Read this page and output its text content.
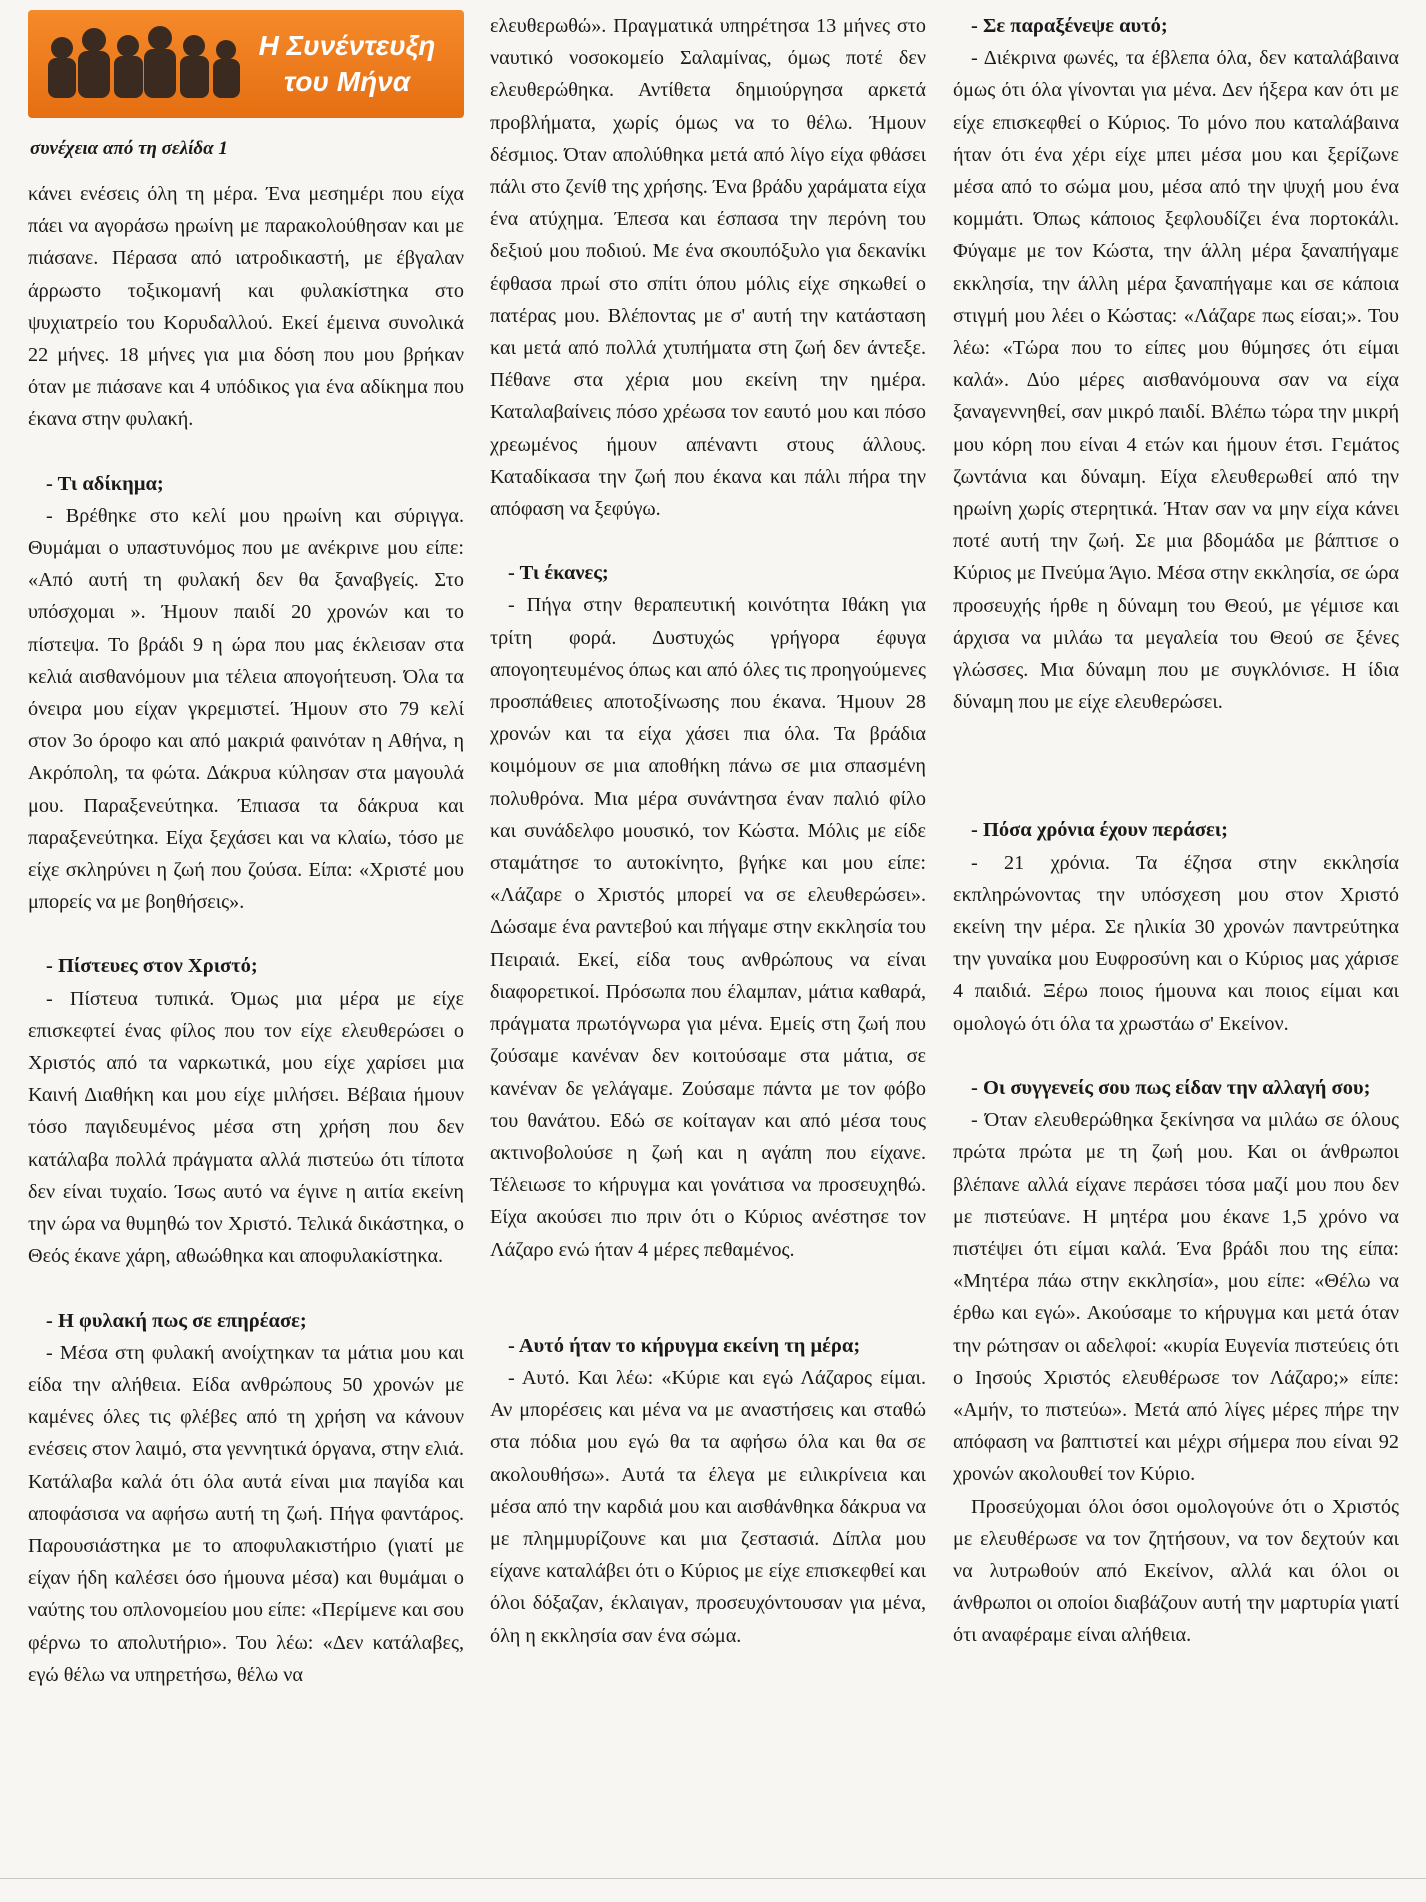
Η Συνέντευξη
του Μήνα
συνέχεια από τη σελίδα 1

κάνει ενέσεις όλη τη μέρα. Ένα μεσημέρι που είχα πάει να αγοράσω ηρωίνη με παρακολούθησαν και με πιάσανε. Πέρασα από ιατροδικαστή, με έβγαλαν άρρωστο τοξικομανή και φυλακίστηκα στο ψυχιατρείο του Κορυδαλλού. Εκεί έμεινα συνολικά 22 μήνες. 18 μήνες για μια δόση που μου βρήκαν όταν με πιάσανε και 4 υπόδικος για ένα αδίκημα που έκανα στην φυλακή.

- Τι αδίκημα;

- Βρέθηκε στο κελί μου ηρωίνη και σύριγγα. Θυμάμαι ο υπαστυνόμος που με ανέκρινε μου είπε: «Από αυτή τη φυλακή δεν θα ξαναβγείς. Στο υπόσχομαι ». Ήμουν παιδί 20 χρονών και το πίστεψα. Το βράδι 9 η ώρα που μας έκλεισαν στα κελιά αισθανόμουν μια τέλεια απογοήτευση. Όλα τα όνειρα μου είχαν γκρεμιστεί. Ήμουν στο 79 κελί στον 3ο όροφο και από μακριά φαινόταν η Αθήνα, η Ακρόπολη, τα φώτα. Δάκρυα κύλησαν στα μαγουλά μου. Παραξενεύτηκα. Έπιασα τα δάκρυα και παραξενεύτηκα. Είχα ξεχάσει και να κλαίω, τόσο με είχε σκληρύνει η ζωή που ζούσα. Είπα: «Χριστέ μου μπορείς να με βοηθήσεις».

- Πίστευες στον Χριστό;

- Πίστευα τυπικά. Όμως μια μέρα με είχε επισκεφτεί ένας φίλος που τον είχε ελευθερώσει ο Χριστός από τα ναρκωτικά, μου είχε χαρίσει μια Καινή Διαθήκη και μου είχε μιλήσει. Βέβαια ήμουν τόσο παγιδευμένος μέσα στη χρήση που δεν κατάλαβα πολλά πράγματα αλλά πιστεύω ότι τίποτα δεν είναι τυχαίο. Ίσως αυτό να έγινε η αιτία εκείνη την ώρα να θυμηθώ τον Χριστό. Τελικά δικάστηκα, ο Θεός έκανε χάρη, αθωώθηκα και αποφυλακίστηκα.

- Η φυλακή πως σε επηρέασε;

- Μέσα στη φυλακή ανοίχτηκαν τα μάτια μου και είδα την αλήθεια. Είδα ανθρώπους 50 χρονών με καμένες όλες τις φλέβες από τη χρήση να κάνουν ενέσεις στον λαιμό, στα γεννητικά όργανα, στην ελιά. Κατάλαβα καλά ότι όλα αυτά είναι μια παγίδα και αποφάσισα να αφήσω αυτή τη ζωή. Πήγα φαντάρος. Παρουσιάστηκα με το αποφυλακιστήριο (γιατί με είχαν ήδη καλέσει όσο ήμουνα μέσα) και θυμάμαι ο ναύτης του οπλονομείου μου είπε: «Περίμενε και σου φέρνω το απολυτήριο». Του λέω: «Δεν κατάλαβες, εγώ θέλω να υπηρετήσω, θέλω να

ελευθερωθώ». Πραγματικά υπηρέτησα 13 μήνες στο ναυτικό νοσοκομείο Σαλαμίνας, όμως ποτέ δεν ελευθερώθηκα. Αντίθετα δημιούργησα αρκετά προβλήματα, χωρίς όμως να το θέλω. Ήμουν δέσμιος. Όταν απολύθηκα μετά από λίγο είχα φθάσει πάλι στο ζενίθ της χρήσης. Ένα βράδυ χαράματα είχα ένα ατύχημα. Έπεσα και έσπασα την περόνη του δεξιού μου ποδιού. Με ένα σκουπόξυλο για δεκανίκι έφθασα πρωί στο σπίτι όπου μόλις είχε σηκωθεί ο πατέρας μου. Βλέποντας με σ' αυτή την κατάσταση και μετά από πολλά χτυπήματα στη ζωή δεν άντεξε. Πέθανε στα χέρια μου εκείνη την ημέρα. Καταλαβαίνεις πόσο χρέωσα τον εαυτό μου και πόσο χρεωμένος ήμουν απέναντι στους άλλους. Καταδίκασα την ζωή που έκανα και πάλι πήρα την απόφαση να ξεφύγω.

- Τι έκανες;

- Πήγα στην θεραπευτική κοινότητα Ιθάκη για τρίτη φορά. Δυστυχώς γρήγορα έφυγα απογοητευμένος όπως και από όλες τις προηγούμενες προσπάθειες αποτοξίνωσης που έκανα. Ήμουν 28 χρονών και τα είχα χάσει πια όλα. Τα βράδια κοιμόμουν σε μια αποθήκη πάνω σε μια σπασμένη πολυθρόνα. Μια μέρα συνάντησα έναν παλιό φίλο και συνάδελφο μουσικό, τον Κώστα. Μόλις με είδε σταμάτησε το αυτοκίνητο, βγήκε και μου είπε: «Λάζαρε ο Χριστός μπορεί να σε ελευθερώσει». Δώσαμε ένα ραντεβού και πήγαμε στην εκκλησία του Πειραιά. Εκεί, είδα τους ανθρώπους να είναι διαφορετικοί. Πρόσωπα που έλαμπαν, μάτια καθαρά, πράγματα πρωτόγνωρα για μένα. Εμείς στη ζωή που ζούσαμε κανέναν δεν κοιτούσαμε στα μάτια, σε κανέναν δε γελάγαμε. Ζούσαμε πάντα με τον φόβο του θανάτου. Εδώ σε κοίταγαν και από μέσα τους ακτινοβολούσε η ζωή και η αγάπη που είχανε. Τέλειωσε το κήρυγμα και γονάτισα να προσευχηθώ. Είχα ακούσει πιο πριν ότι ο Κύριος ανέστησε τον Λάζαρο ενώ ήταν 4 μέρες πεθαμένος.

- Αυτό ήταν το κήρυγμα εκείνη τη μέρα;

- Αυτό. Και λέω: «Κύριε και εγώ Λάζαρος είμαι. Αν μπορέσεις και μένα να με αναστήσεις και σταθώ στα πόδια μου εγώ θα τα αφήσω όλα και θα σε ακολουθήσω». Αυτά τα έλεγα με ειλικρίνεια και μέσα από την καρδιά μου και αισθάνθηκα δάκρυα να με πλημμυρίζουνε και μια ζεστασιά. Δίπλα μου είχανε καταλάβει ότι ο Κύριος με είχε επισκεφθεί και όλοι δόξαζαν, έκλαιγαν, προσευχόντουσαν για μένα, όλη η εκκλησία σαν ένα σώμα.

- Σε παραξένεψε αυτό;

- Διέκρινα φωνές, τα έβλεπα όλα, δεν καταλάβαινα όμως ότι όλα γίνονται για μένα. Δεν ήξερα καν ότι με είχε επισκεφθεί ο Κύριος. Το μόνο που καταλάβαινα ήταν ότι ένα χέρι είχε μπει μέσα μου και ξερίζωνε μέσα από το σώμα μου, μέσα από την ψυχή μου ένα κομμάτι. Όπως κάποιος ξεφλουδίζει ένα πορτοκάλι. Φύγαμε με τον Κώστα, την άλλη μέρα ξαναπήγαμε εκκλησία, την άλλη μέρα ξαναπήγαμε και σε κάποια στιγμή μου λέει ο Κώστας: «Λάζαρε πως είσαι;». Του λέω: «Τώρα που το είπες μου θύμησες ότι είμαι καλά». Δύο μέρες αισθανόμουνα σαν να είχα ξαναγεννηθεί, σαν μικρό παιδί. Βλέπω τώρα την μικρή μου κόρη που είναι 4 ετών και ήμουν έτσι. Γεμάτος ζωντάνια και δύναμη. Είχα ελευθερωθεί από την ηρωίνη χωρίς στερητικά. Ήταν σαν να μην είχα κάνει ποτέ αυτή την ζωή. Σε μια βδομάδα με βάπτισε ο Κύριος με Πνεύμα Άγιο. Μέσα στην εκκλησία, σε ώρα προσευχής ήρθε η δύναμη του Θεού, με γέμισε και άρχισα να μιλάω τα μεγαλεία του Θεού σε ξένες γλώσσες. Μια δύναμη που με συγκλόνισε. Η ίδια δύναμη που με είχε ελευθερώσει.

- Πόσα χρόνια έχουν περάσει;

- 21 χρόνια. Τα έζησα στην εκκλησία εκπληρώνοντας την υπόσχεση μου στον Χριστό εκείνη την μέρα. Σε ηλικία 30 χρονών παντρεύτηκα την γυναίκα μου Ευφροσύνη και ο Κύριος μας χάρισε 4 παιδιά. Ξέρω ποιος ήμουνα και ποιος είμαι και ομολογώ ότι όλα τα χρωστάω σ' Εκείνον.

- Οι συγγενείς σου πως είδαν την αλλαγή σου;

- Όταν ελευθερώθηκα ξεκίνησα να μιλάω σε όλους πρώτα πρώτα με τη ζωή μου. Και οι άνθρωποι βλέπανε αλλά είχανε περάσει τόσα μαζί μου που δεν με πιστεύανε. Η μητέρα μου έκανε 1,5 χρόνο να πιστέψει ότι είμαι καλά. Ένα βράδι που της είπα: «Μητέρα πάω στην εκκλησία», μου είπε: «Θέλω να έρθω και εγώ». Ακούσαμε το κήρυγμα και μετά όταν την ρώτησαν οι αδελφοί: «κυρία Ευγενία πιστεύεις ότι ο Ιησούς Χριστός ελευθέρωσε τον Λάζαρο;» είπε: «Αμήν, το πιστεύω». Μετά από λίγες μέρες πήρε την απόφαση να βαπτιστεί και μέχρι σήμερα που είναι 92 χρονών ακολουθεί τον Κύριο.

Προσεύχομαι όλοι όσοι ομολογούνε ότι ο Χριστός με ελευθέρωσε να τον ζητήσουν, να τον δεχτούν και να λυτρωθούν από Εκείνον, αλλά και όλοι οι άνθρωποι οι οποίοι διαβάζουν αυτή την μαρτυρία γιατί ότι αναφέραμε είναι αλήθεια.
